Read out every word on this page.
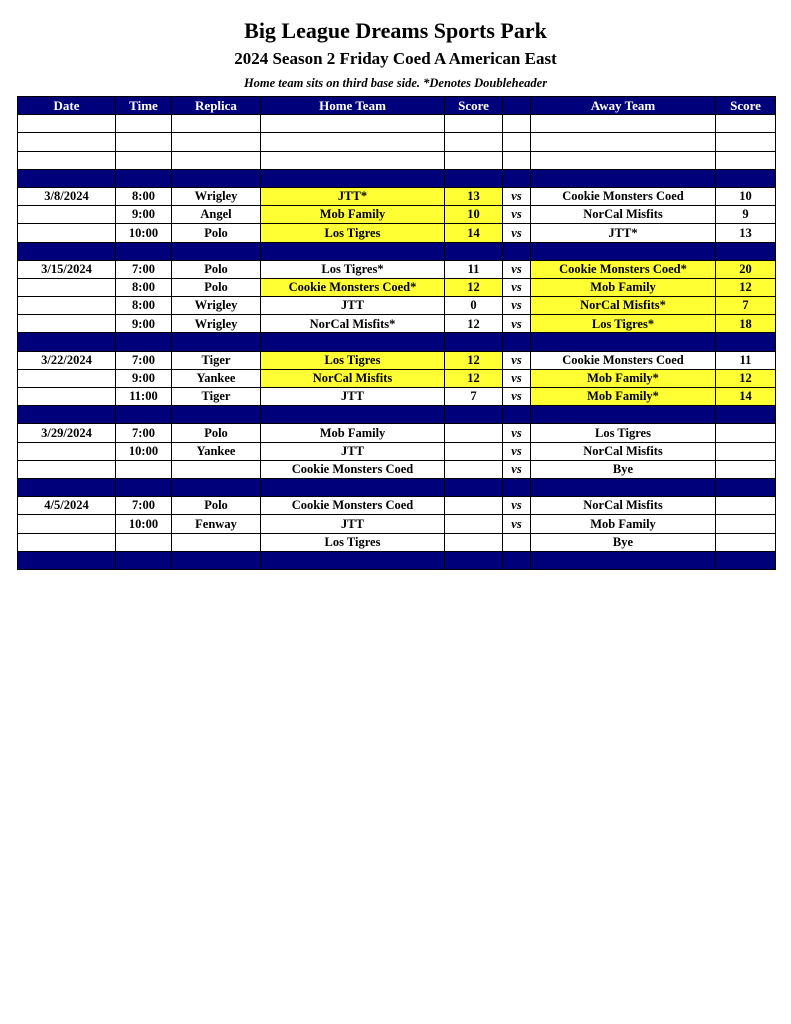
Big League Dreams Sports Park
2024 Season 2 Friday Coed A American East
Home team sits on third base side. *Denotes Doubleheader
Date	Time	Replica	Home Team	Score		Away Team	Score

3/8/2024	8:00	Wrigley	JTT*	13	vs	Cookie Monsters Coed	10
	9:00	Angel	Mob Family	10	vs	NorCal Misfits	9
	10:00	Polo	Los Tigres	14	vs	JTT*	13

3/15/2024	7:00	Polo	Los Tigres*	11	vs	Cookie Monsters Coed*	20
	8:00	Polo	Cookie Monsters Coed*	12	vs	Mob Family	12
	8:00	Wrigley	JTT	0	vs	NorCal Misfits*	7
	9:00	Wrigley	NorCal Misfits*	12	vs	Los Tigres*	18

3/22/2024	7:00	Tiger	Los Tigres	12	vs	Cookie Monsters Coed	11
	9:00	Yankee	NorCal Misfits	12	vs	Mob Family*	12
	11:00	Tiger	JTT	7	vs	Mob Family*	14

3/29/2024	7:00	Polo	Mob Family		vs	Los Tigres	
	10:00	Yankee	JTT		vs	NorCal Misfits	
			Cookie Monsters Coed		vs	Bye	

4/5/2024	7:00	Polo	Cookie Monsters Coed		vs	NorCal Misfits	
	10:00	Fenway	JTT		vs	Mob Family	
			Los Tigres			Bye	
